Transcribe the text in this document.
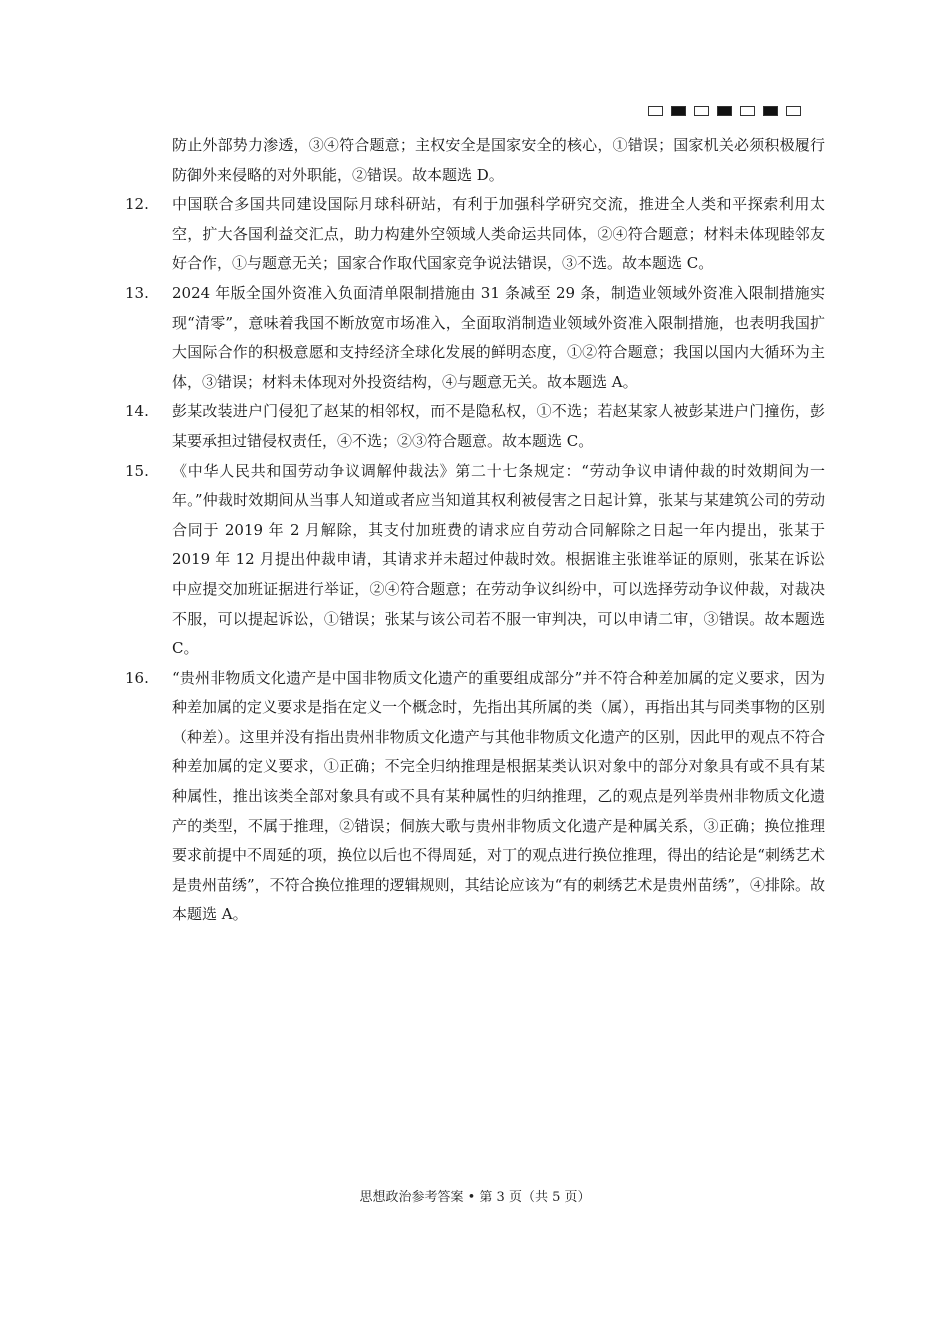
防止外部势力渗透，③④符合题意；主权安全是国家安全的核心，①错误；国家机关必须积极履行防御外来侵略的对外职能，②错误。故本题选 D。
12.	中国联合多国共同建设国际月球科研站，有利于加强科学研究交流，推进全人类和平探索利用太空，扩大各国利益交汇点，助力构建外空领域人类命运共同体，②④符合题意；材料未体现睦邻友好合作，①与题意无关；国家合作取代国家竞争说法错误，③不选。故本题选 C。
13.	2024 年版全国外资准入负面清单限制措施由 31 条减至 29 条，制造业领域外资准入限制措施实现“清零”，意味着我国不断放宽市场准入，全面取消制造业领域外资准入限制措施，也表明我国扩大国际合作的积极意愿和支持经济全球化发展的鲜明态度，①②符合题意；我国以国内大循环为主体，③错误；材料未体现对外投资结构，④与题意无关。故本题选 A。
14.	彭某改装进户门侵犯了赵某的相邻权，而不是隐私权，①不选；若赵某家人被彭某进户门撞伤，彭某要承担过错侵权责任，④不选；②③符合题意。故本题选 C。
15.	《中华人民共和国劳动争议调解仲裁法》第二十七条规定：“劳动争议申请仲裁的时效期间为一年。”仲裁时效期间从当事人知道或者应当知道其权利被侵害之日起计算，张某与某建筑公司的劳动合同于 2019 年 2 月解除，其支付加班费的请求应自劳动合同解除之日起一年内提出，张某于 2019 年 12 月提出仲裁申请，其请求并未超过仲裁时效。根据谁主张谁举证的原则，张某在诉讼中应提交加班证据进行举证，②④符合题意；在劳动争议纠纷中，可以选择劳动争议仲裁，对裁决不服，可以提起诉讼，①错误；张某与该公司若不服一审判决，可以申请二审，③错误。故本题选 C。
16.	“贵州非物质文化遗产是中国非物质文化遗产的重要组成部分”并不符合种差加属的定义要求，因为种差加属的定义要求是指在定义一个概念时，先指出其所属的类（属），再指出其与同类事物的区别（种差）。这里并没有指出贵州非物质文化遗产与其他非物质文化遗产的区别，因此甲的观点不符合种差加属的定义要求，①正确；不完全归纳推理是根据某类认识对象中的部分对象具有或不具有某种属性，推出该类全部对象具有或不具有某种属性的归纳推理，乙的观点是列举贵州非物质文化遗产的类型，不属于推理，②错误；侗族大歌与贵州非物质文化遗产是种属关系，③正确；换位推理要求前提中不周延的项，换位以后也不得周延，对丁的观点进行换位推理，得出的结论是“刺绣艺术是贵州苗绣”，不符合换位推理的逻辑规则，其结论应该为“有的刺绣艺术是贵州苗绣”，④排除。故本题选 A。
思想政治参考答案 • 第 3 页（共 5 页）
